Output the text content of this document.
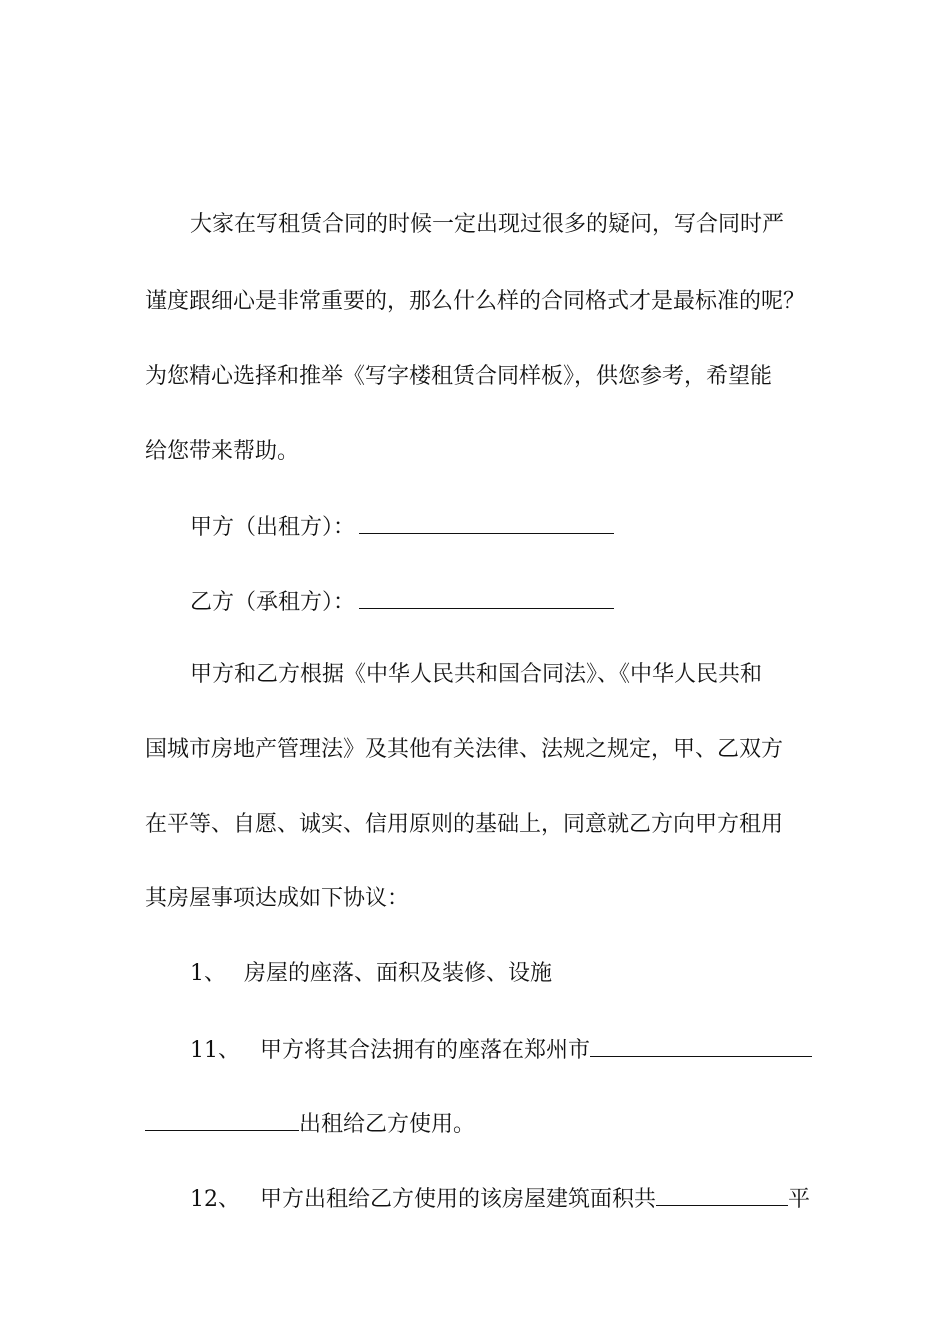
大家在写租赁合同的时候一定出现过很多的疑问，写合同时严
谨度跟细心是非常重要的，那么什么样的合同格式才是最标准的呢？
为您精心选择和推举《写字楼租赁合同样板》，供您参考，希望能
给您带来帮助。
甲方（出租方）：
乙方（承租方）：
甲方和乙方根据《中华人民共和国合同法》、《中华人民共和
国城市房地产管理法》及其他有关法律、法规之规定，甲、乙双方
在平等、自愿、诚实、信用原则的基础上，同意就乙方向甲方租用
其房屋事项达成如下协议：
1、 房屋的座落、面积及装修、设施
11、 甲方将其合法拥有的座落在郑州市
出租给乙方使用。
12、 甲方出租给乙方使用的该房屋建筑面积共	平
